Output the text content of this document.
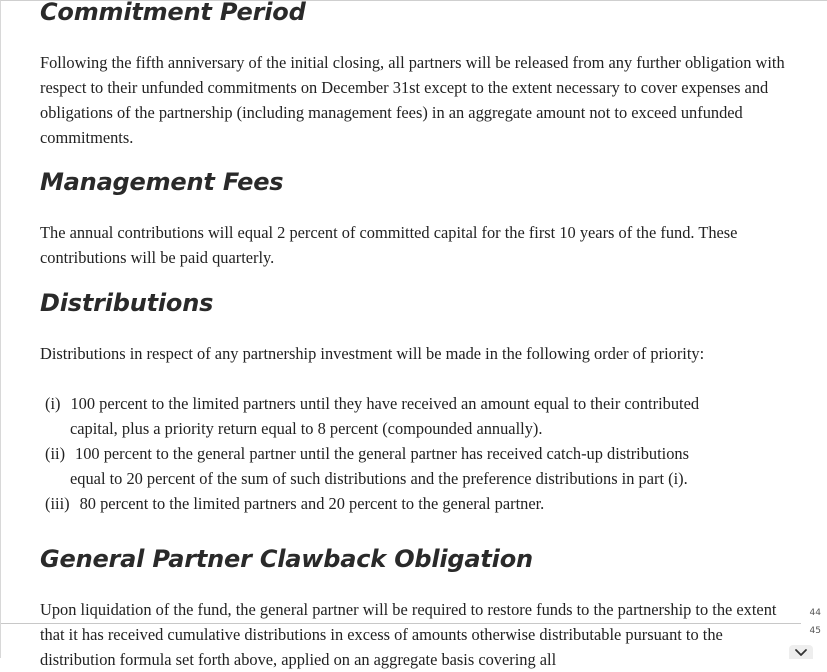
Commitment Period

Following the fifth anniversary of the initial closing, all partners will be released from any further obligation with respect to their unfunded commitments on December 31st except to the extent necessary to cover expenses and obligations of the partnership (including management fees) in an aggregate amount not to exceed unfunded commitments.

Management Fees

The annual contributions will equal 2 percent of committed capital for the first 10 years of the fund. These contributions will be paid quarterly.

Distributions

Distributions in respect of any partnership investment will be made in the following order of priority:

(i) 100 percent to the limited partners until they have received an amount equal to their contributed
capital, plus a priority return equal to 8 percent (compounded annually).
(ii) 100 percent to the general partner until the general partner has received catch-up distributions
equal to 20 percent of the sum of such distributions and the preference distributions in part (i).
(iii) 80 percent to the limited partners and 20 percent to the general partner.
General Partner Clawback Obligation

Upon liquidation of the fund, the general partner will be required to restore funds to the partnership to the extent that it has received cumulative distributions in excess of amounts otherwise distributable pursuant to the distribution formula set forth above, applied on an aggregate basis covering all

44
45
